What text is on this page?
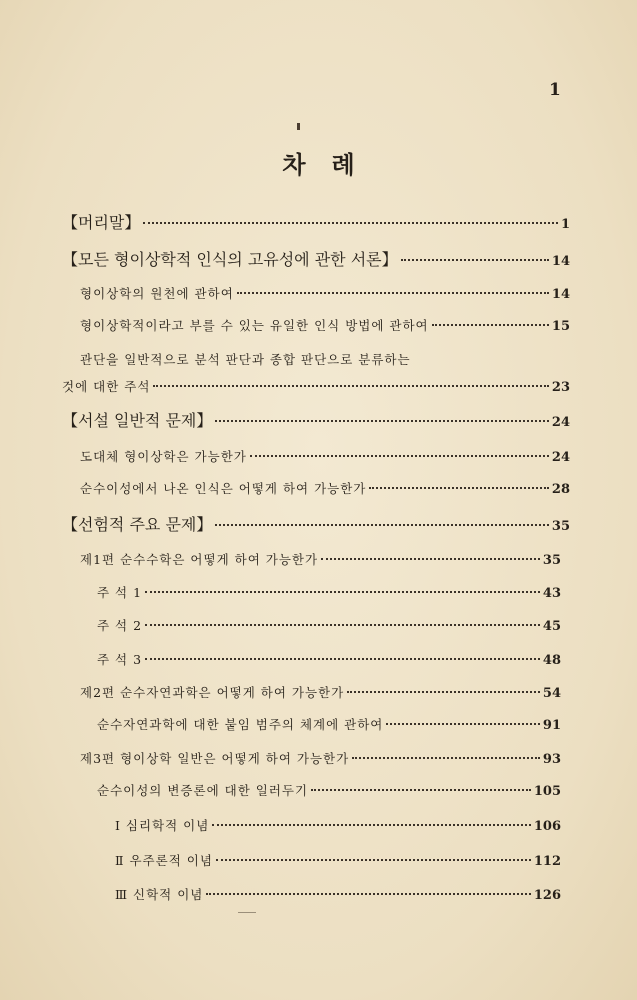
1
차례
【머리말】	1
【모든 형이상학적 인식의 고유성에 관한 서론】	14
형이상학의 원천에 관하여	14
형이상학적이라고 부를 수 있는 유일한 인식 방법에 관하여	15
관단을 일반적으로 분석 판단과 종합 판단으로 분류하는
것에 대한 주석	23
【서설 일반적 문제】	24
도대체 형이상학은 가능한가	24
순수이성에서 나온 인식은 어떻게 하여 가능한가	28
【선험적 주요 문제】	35
제1편 순수수학은 어떻게 하여 가능한가	35
주 석 1	43
주 석 2	45
주 석 3	48
제2편 순수자연과학은 어떻게 하여 가능한가	54
순수자연과학에 대한 붙임 범주의 체계에 관하여	91
제3편 형이상학 일반은 어떻게 하여 가능한가	93
순수이성의 변증론에 대한 일러두기	105
Ⅰ 심리학적 이념	106
Ⅱ 우주론적 이념	112
Ⅲ 신학적 이념	126
